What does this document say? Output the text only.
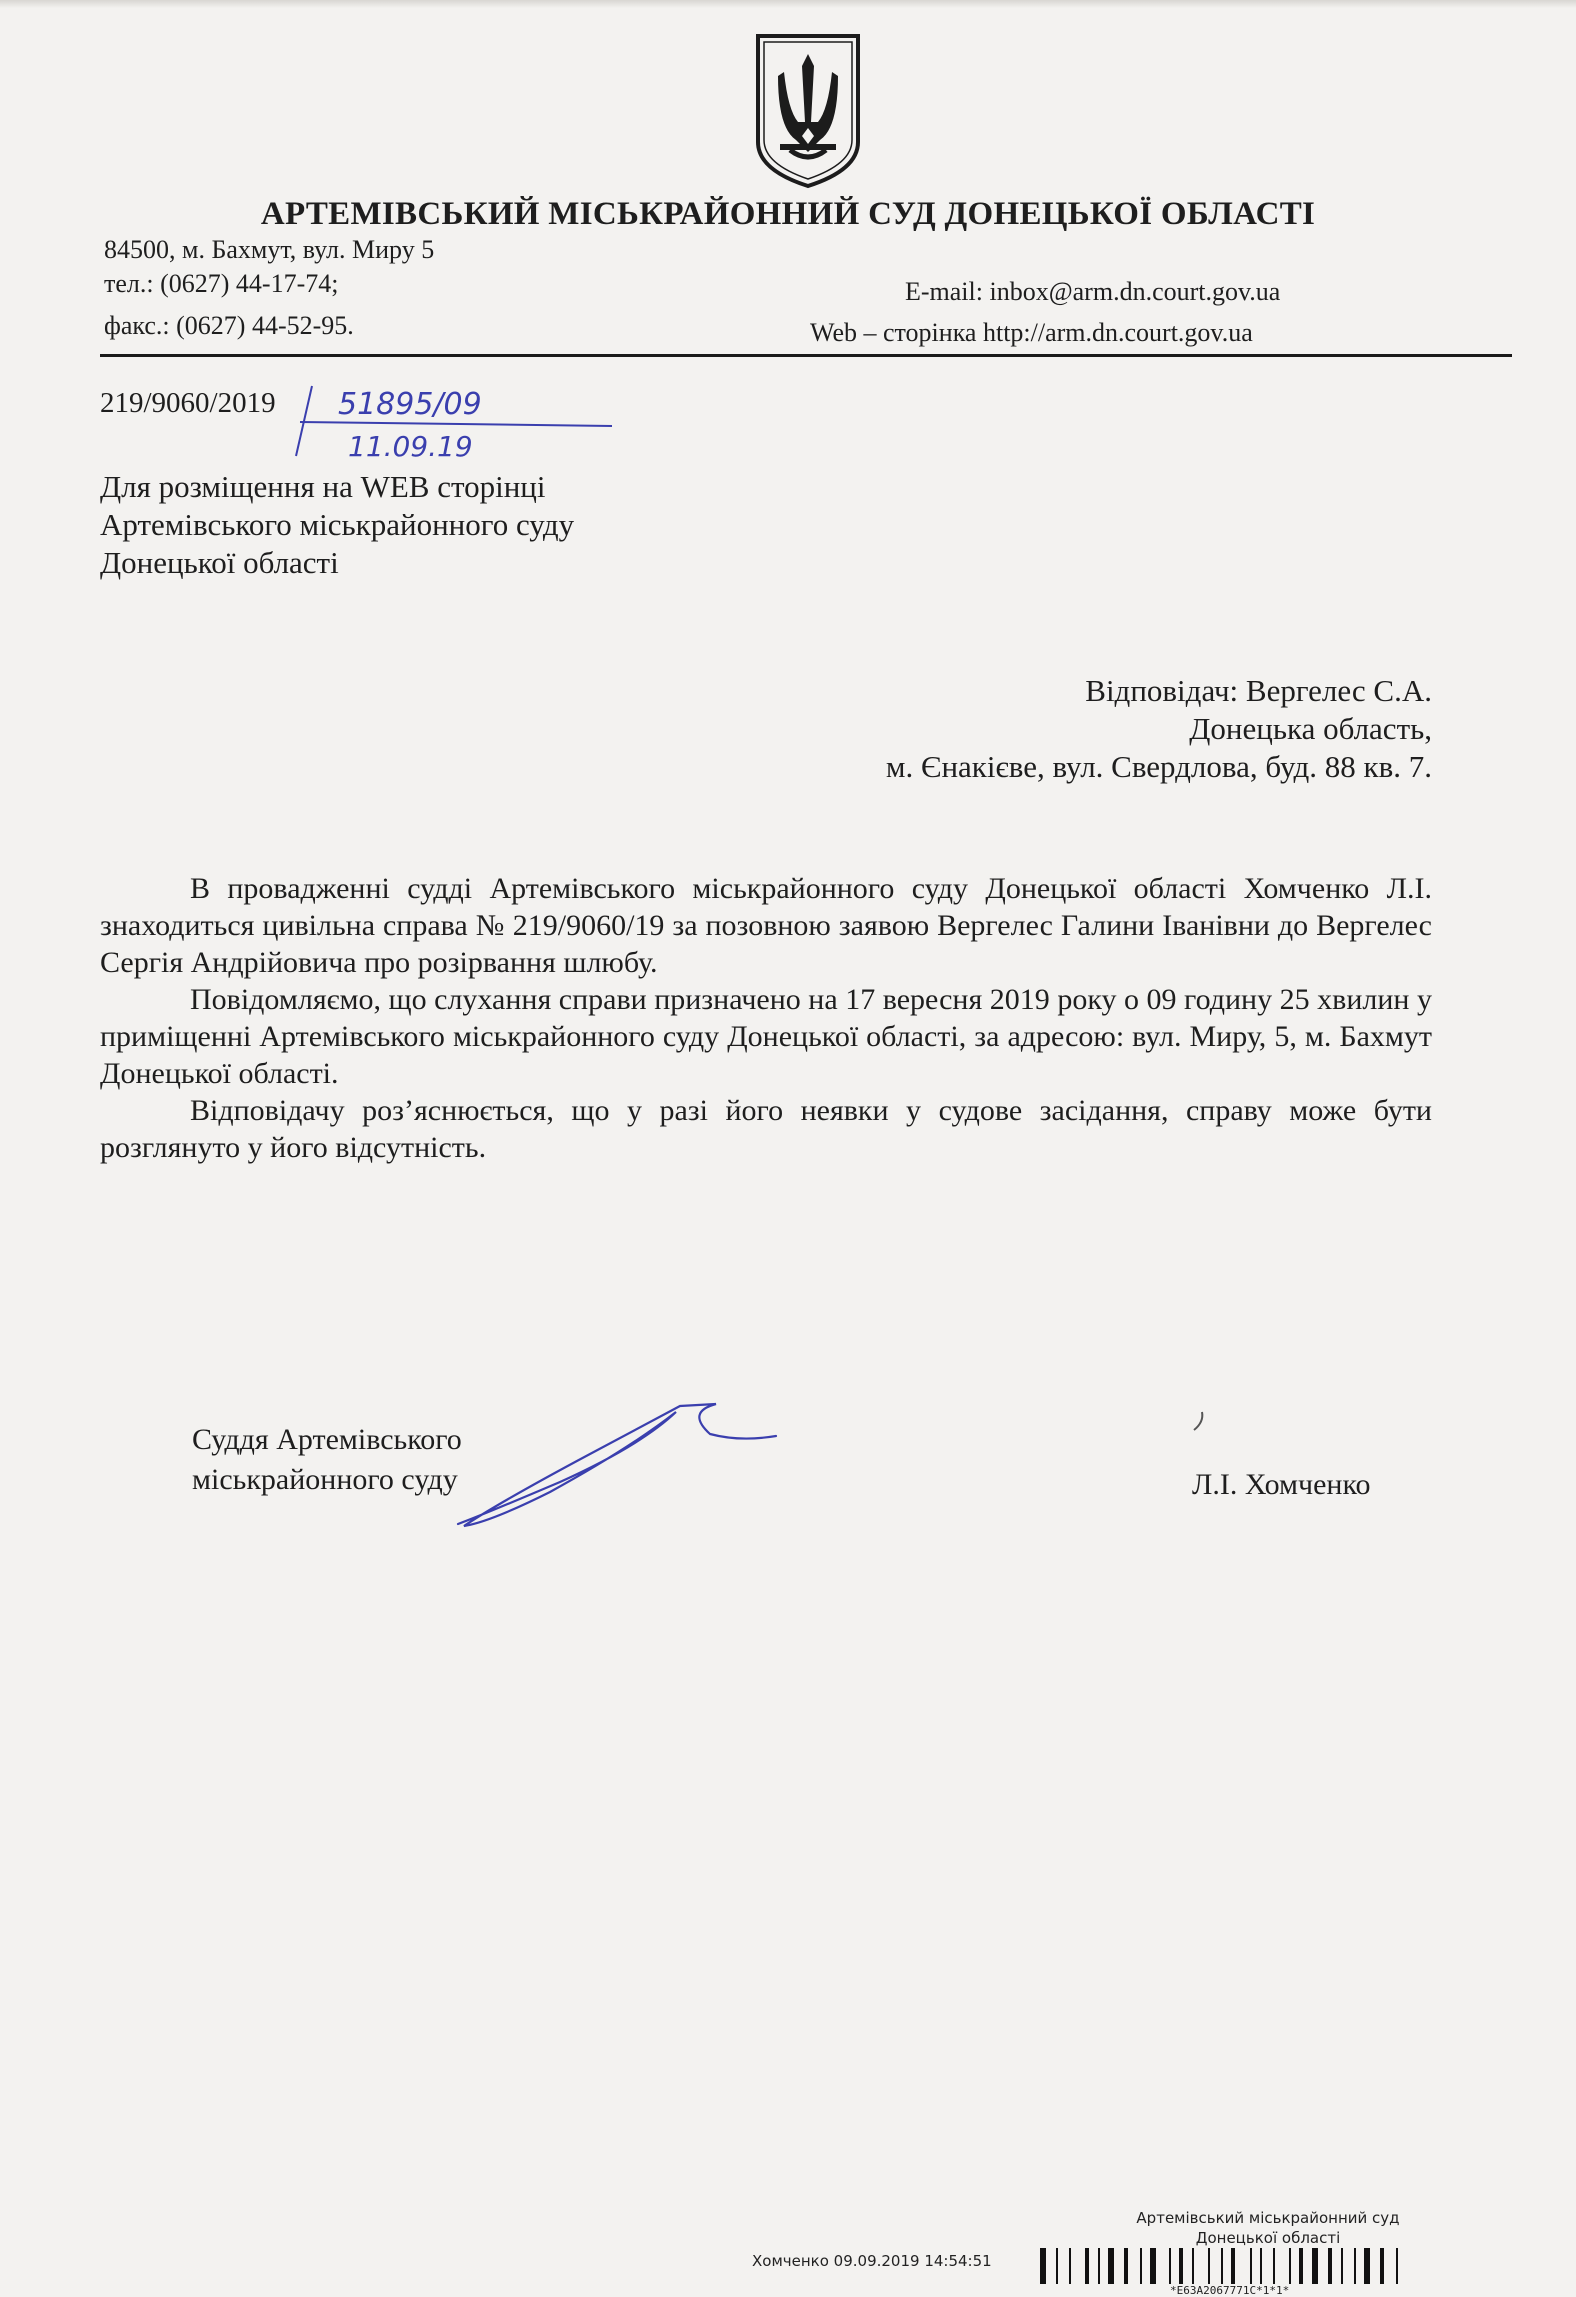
АРТЕМІВСЬКИЙ МІСЬКРАЙОННИЙ СУД ДОНЕЦЬКОЇ ОБЛАСТІ
84500, м. Бахмут, вул. Миру 5
тел.: (0627) 44-17-74;
факс.: (0627) 44-52-95.
E-mail: inbox@arm.dn.court.gov.ua
Web – сторінка http://arm.dn.court.gov.ua
219/9060/2019 51895/09
11.09.19
Для розміщення на WEB сторінці
Артемівського міськрайонного суду
Донецької області
Відповідач: Вергелес С.А.
Донецька область,
м. Єнакієве, вул. Свердлова, буд. 88 кв. 7.

В провадженні судді Артемівського міськрайонного суду Донецької області Хомченко Л.І. знаходиться цивільна справа № 219/9060/19 за позовною заявою Вергелес Галини Іванівни до Вергелес Сергія Андрійовича про розірвання шлюбу.

Повідомляємо, що слухання справи призначено на 17 вересня 2019 року о 09 годину 25 хвилин у приміщенні Артемівського міськрайонного суду Донецької області, за адресою: вул. Миру, 5, м. Бахмут Донецької області.

Відповідачу роз’яснюється, що у разі його неявки у судове засідання, справу може бути розглянуто у його відсутність.

Суддя Артемівського
міськрайонного суду	Л.І. Хомченко
Артемівський міськрайонний суд
Донецької області
Хомченко 09.09.2019 14:54:51
*E63A2067771C*1*1*
